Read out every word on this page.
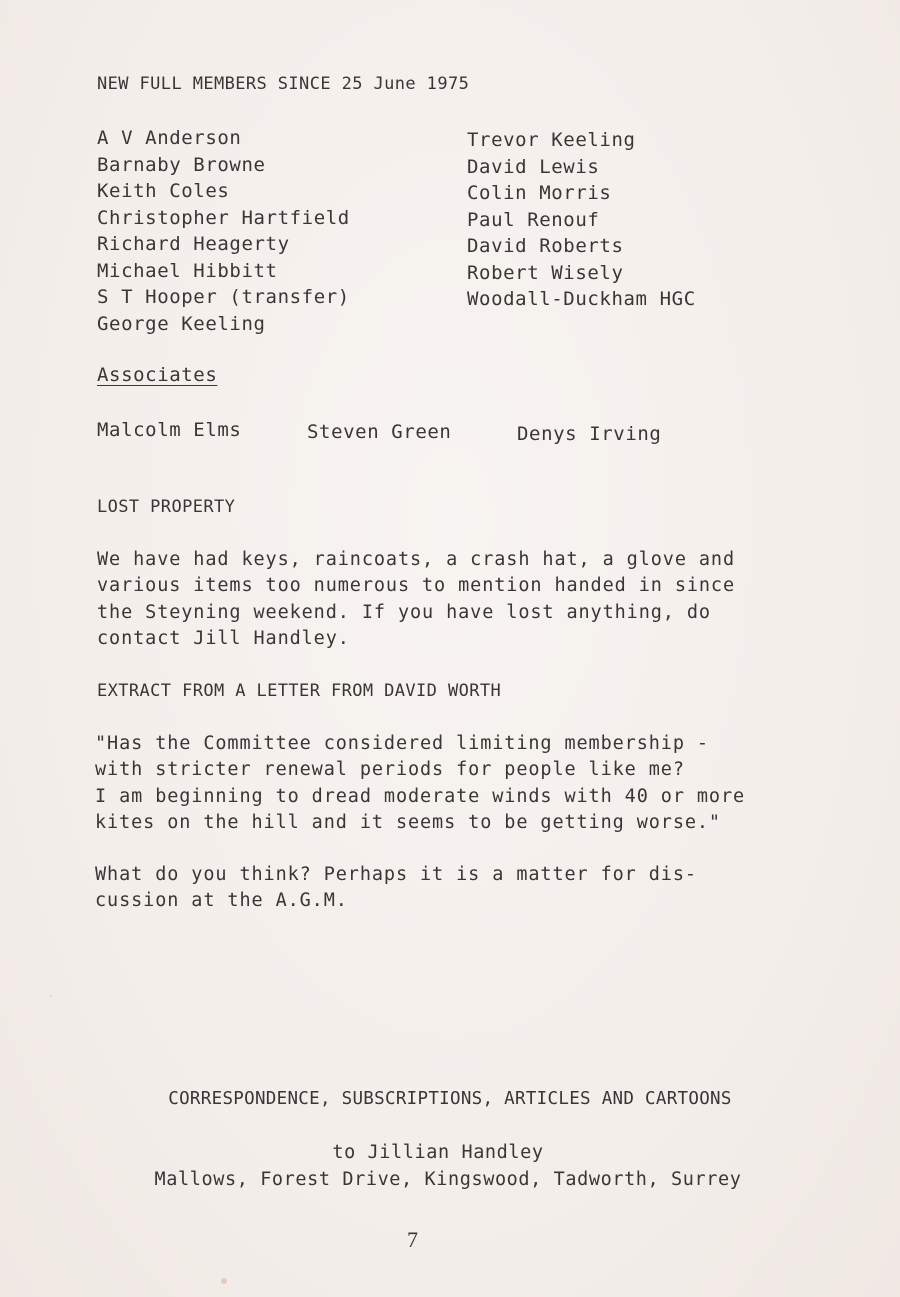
NEW FULL MEMBERS SINCE 25 June 1975
A V Anderson
Barnaby Browne
Keith Coles
Christopher Hartfield
Richard Heagerty
Michael Hibbitt
S T Hooper (transfer)
George Keeling
Trevor Keeling
David Lewis
Colin Morris
Paul Renouf
David Roberts
Robert Wisely
Woodall-Duckham HGC
Associates
Malcolm Elms	Steven Green	Denys Irving
LOST PROPERTY
We have had keys, raincoats, a crash hat, a glove and
various items too numerous to mention handed in since
the Steyning weekend. If you have lost anything, do
contact Jill Handley.
EXTRACT FROM A LETTER FROM DAVID WORTH
"Has the Committee considered limiting membership -
with stricter renewal periods for people like me?
I am beginning to dread moderate winds with 40 or more
kites on the hill and it seems to be getting worse."
What do you think? Perhaps it is a matter for dis-
cussion at the A.G.M.
CORRESPONDENCE, SUBSCRIPTIONS, ARTICLES AND CARTOONS
to Jillian Handley
Mallows, Forest Drive, Kingswood, Tadworth, Surrey
7
